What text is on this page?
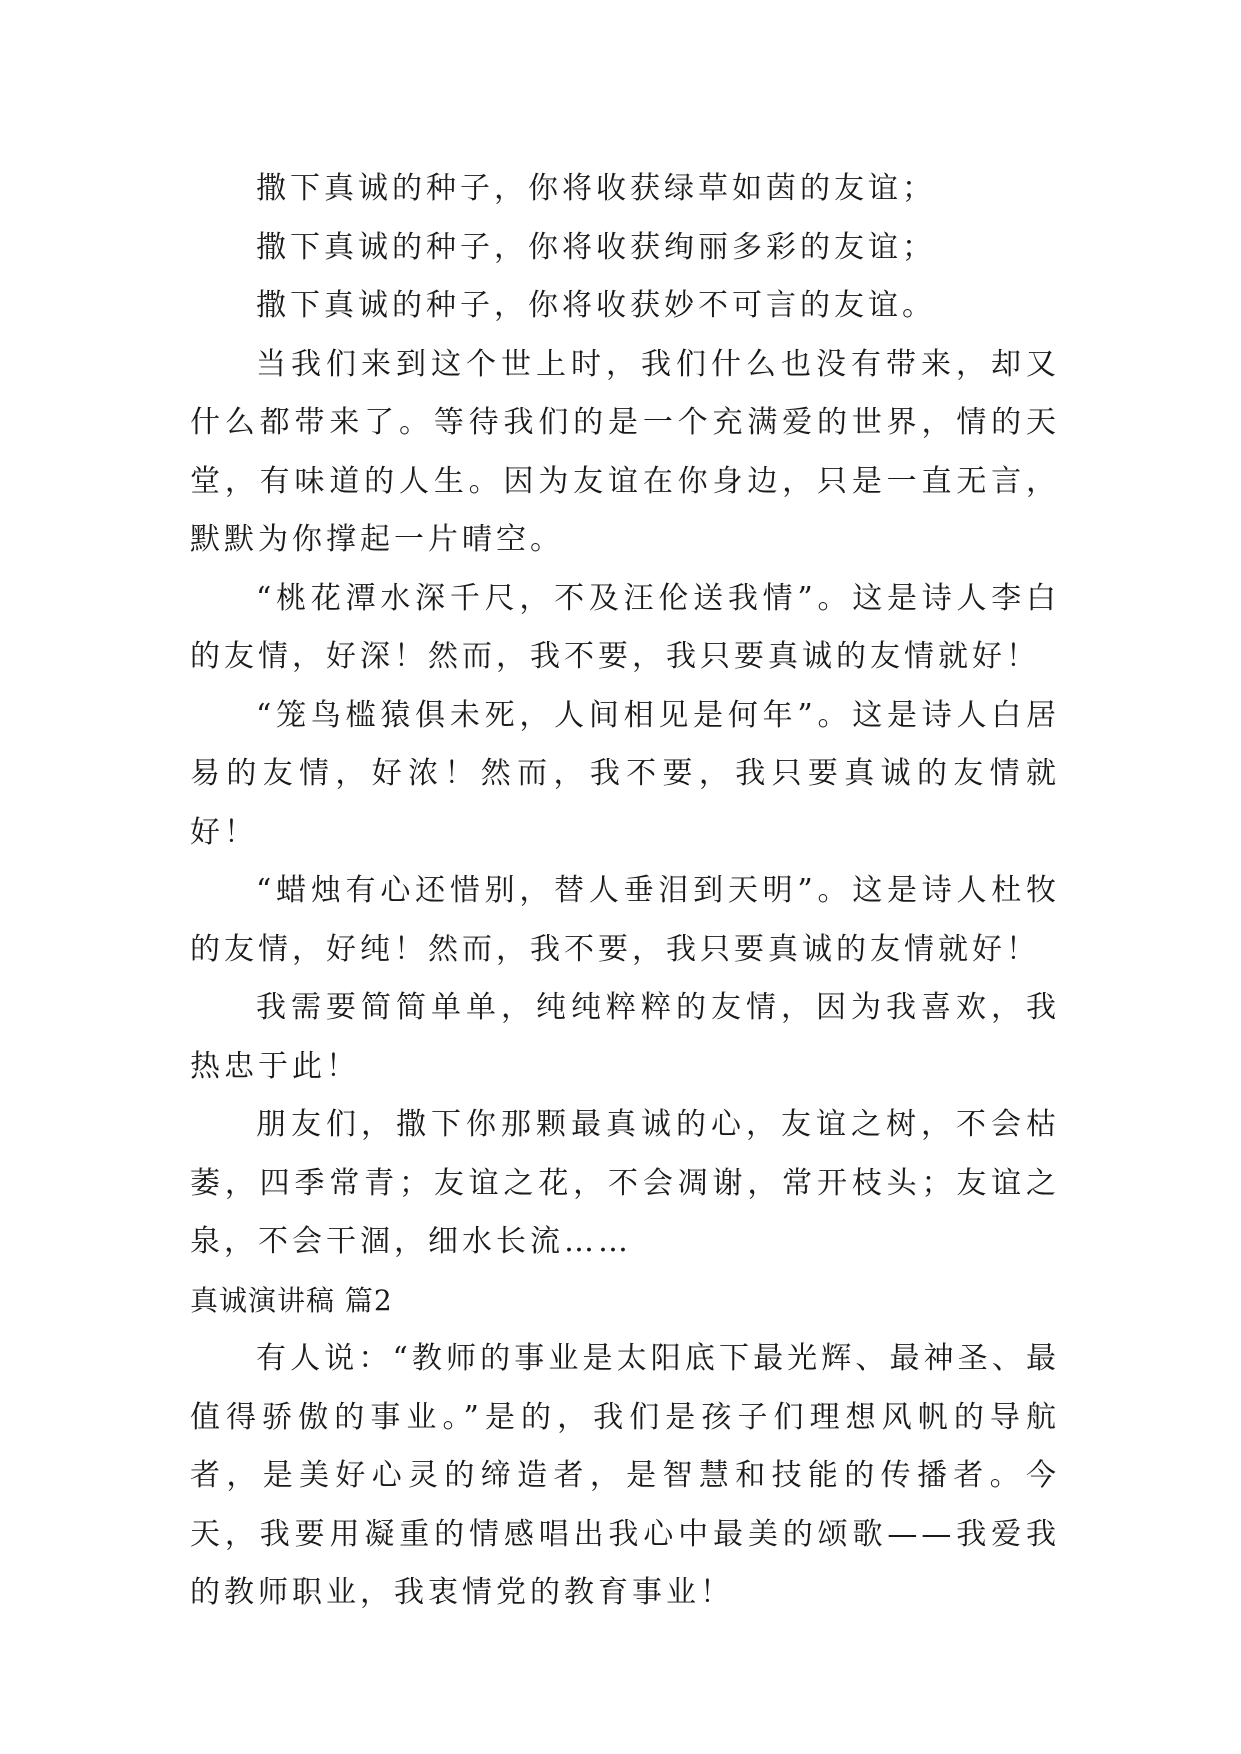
撒下真诚的种子，你将收获绿草如茵的友谊；

撒下真诚的种子，你将收获绚丽多彩的友谊；

撒下真诚的种子，你将收获妙不可言的友谊。

当我们来到这个世上时，我们什么也没有带来，却又什么都带来了。等待我们的是一个充满爱的世界，情的天堂，有味道的人生。因为友谊在你身边，只是一直无言，默默为你撑起一片晴空。

“桃花潭水深千尺，不及汪伦送我情”。这是诗人李白的友情，好深！然而，我不要，我只要真诚的友情就好！

“笼鸟槛猿俱未死，人间相见是何年”。这是诗人白居易的友情，好浓！然而，我不要，我只要真诚的友情就好！

“蜡烛有心还惜别，替人垂泪到天明”。这是诗人杜牧的友情，好纯！然而，我不要，我只要真诚的友情就好！

我需要简简单单，纯纯粹粹的友情，因为我喜欢，我热忠于此！

朋友们，撒下你那颗最真诚的心，友谊之树，不会枯萎，四季常青；友谊之花，不会凋谢，常开枝头；友谊之泉，不会干涸，细水长流……

真诚演讲稿 篇2

有人说：“教师的事业是太阳底下最光辉、最神圣、最值得骄傲的事业。”是的，我们是孩子们理想风帆的导航者，是美好心灵的缔造者，是智慧和技能的传播者。今天，我要用凝重的情感唱出我心中最美的颂歌——我爱我的教师职业，我衷情党的教育事业！
